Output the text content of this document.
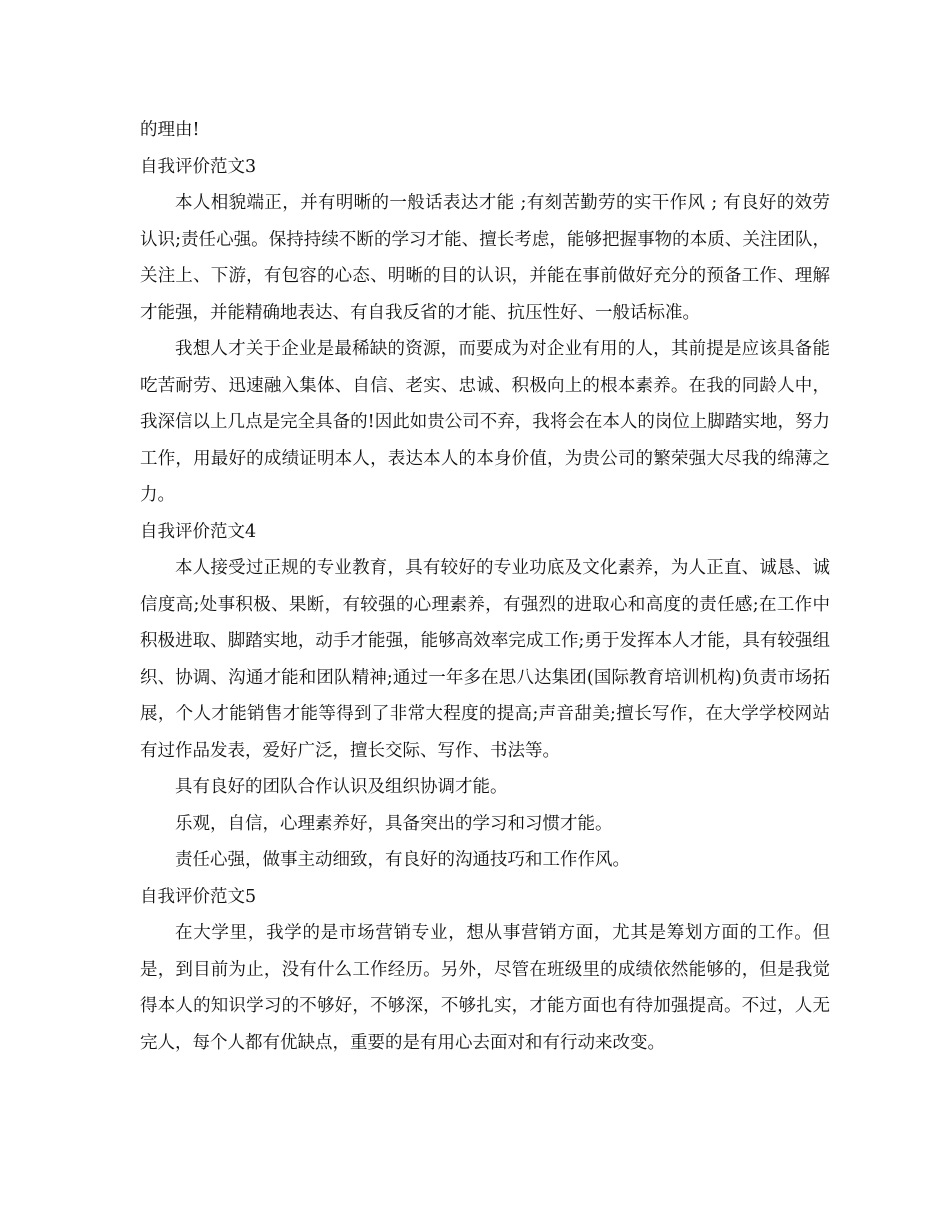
的理由!

自我评价范文3

本人相貌端正，并有明晰的一般话表达才能 ;有刻苦勤劳的实干作风 ; 有良好的效劳认识;责任心强。保持持续不断的学习才能、擅长考虑，能够把握事物的本质、关注团队，关注上、下游，有包容的心态、明晰的目的认识，并能在事前做好充分的预备工作、理解才能强，并能精确地表达、有自我反省的才能、抗压性好、一般话标准。

我想人才关于企业是最稀缺的资源，而要成为对企业有用的人，其前提是应该具备能吃苦耐劳、迅速融入集体、自信、老实、忠诚、积极向上的根本素养。在我的同龄人中，我深信以上几点是完全具备的!因此如贵公司不弃，我将会在本人的岗位上脚踏实地，努力工作，用最好的成绩证明本人，表达本人的本身价值，为贵公司的繁荣强大尽我的绵薄之力。

自我评价范文4

本人接受过正规的专业教育，具有较好的专业功底及文化素养，为人正直、诚恳、诚信度高;处事积极、果断，有较强的心理素养，有强烈的进取心和高度的责任感;在工作中积极进取、脚踏实地，动手才能强，能够高效率完成工作;勇于发挥本人才能，具有较强组织、协调、沟通才能和团队精神;通过一年多在思八达集团(国际教育培训机构)负责市场拓展，个人才能销售才能等得到了非常大程度的提高;声音甜美;擅长写作，在大学学校网站有过作品发表，爱好广泛，擅长交际、写作、书法等。

具有良好的团队合作认识及组织协调才能。

乐观，自信，心理素养好，具备突出的学习和习惯才能。

责任心强，做事主动细致，有良好的沟通技巧和工作作风。

自我评价范文5

在大学里，我学的是市场营销专业，想从事营销方面，尤其是筹划方面的工作。但是，到目前为止，没有什么工作经历。另外，尽管在班级里的成绩依然能够的，但是我觉得本人的知识学习的不够好，不够深，不够扎实，才能方面也有待加强提高。不过，人无完人，每个人都有优缺点，重要的是有用心去面对和有行动来改变。
